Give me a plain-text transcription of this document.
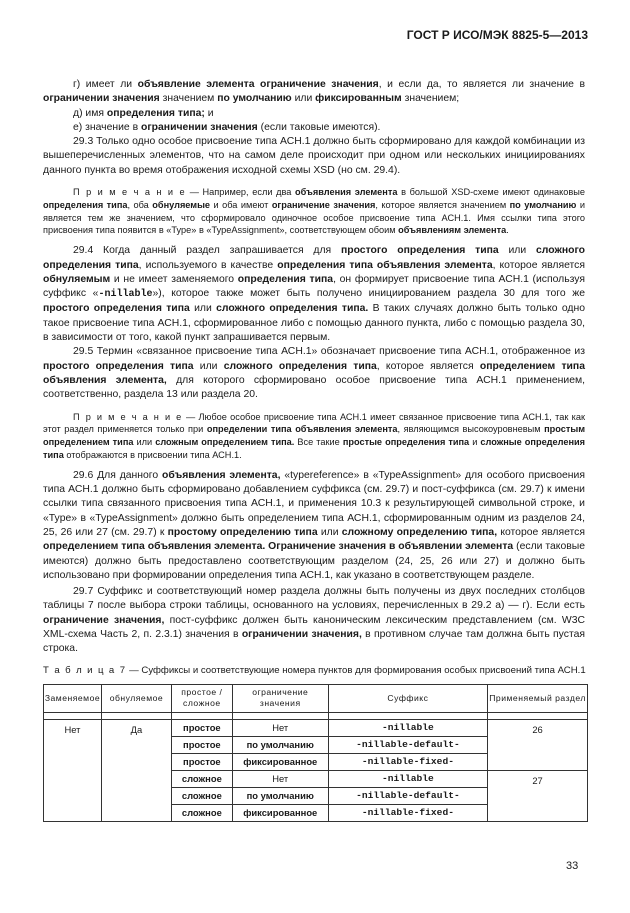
ГОСТ Р ИСО/МЭК 8825-5—2013

г) имеет ли объявление элемента ограничение значения, и если да, то является ли значение в ограничении значения значением по умолчанию или фиксированным значением;

д) имя определения типа; и

е) значение в ограничении значения (если таковые имеются).

29.3 Только одно особое присвоение типа АСН.1 должно быть сформировано для каждой комбинации из вышеперечисленных элементов, что на самом деле происходит при одном или нескольких инициированиях данного пункта во время отображения исходной схемы XSD (но см. 29.4).

П р и м е ч а н и е — Например, если два объявления элемента в большой XSD-схеме имеют одинаковые определения типа, оба обнуляемые и оба имеют ограничение значения, которое является значением по умолчанию и является тем же значением, что сформировало одиночное особое присвоение типа АСН.1. Имя ссылки типа этого присвоения типа появится в «Type» в «TypeAssignment», соответствующем обоим объявлениям элемента.

29.4 Когда данный раздел запрашивается для простого определения типа или сложного определения типа, используемого в качестве определения типа объявления элемента, которое является обнуляемым и не имеет заменяемого определения типа, он формирует присвоение типа АСН.1 (используя суффикс «-nillable»), которое также может быть получено инициированием раздела 30 для того же простого определения типа или сложного определения типа. В таких случаях должно быть только одно такое присвоение типа АСН.1, сформированное либо с помощью данного пункта, либо с помощью раздела 30, в зависимости от того, какой пункт запрашивается первым.

29.5 Термин «связанное присвоение типа АСН.1» обозначает присвоение типа АСН.1, отображенное из простого определения типа или сложного определения типа, которое является определением типа объявления элемента, для которого сформировано особое присвоение типа АСН.1 применением, соответственно, раздела 13 или раздела 20.

П р и м е ч а н и е — Любое особое присвоение типа АСН.1 имеет связанное присвоение типа АСН.1, так как этот раздел применяется только при определении типа объявления элемента, являющимся высокоуровневым простым определением типа или сложным определением типа. Все такие простые определения типа и сложные определения типа отображаются в присвоении типа АСН.1.

29.6 Для данного объявления элемента, «typereference» в «TypeAssignment» для особого присвоения типа АСН.1 должно быть сформировано добавлением суффикса (см. 29.7) и пост-суффикса (см. 29.7) к имени ссылки типа связанного присвоения типа АСН.1, и применения 10.3 к результирующей символьной строке, и «Type» в «TypeAssignment» должно быть определением типа АСН.1, сформированным одним из разделов 24, 25, 26 или 27 (см. 29.7) к простому определению типа или сложному определению типа, которое является определением типа объявления элемента. Ограничение значения в объявлении элемента (если таковые имеются) должно быть предоставлено соответствующим разделом (24, 25, 26 или 27) и должно быть использовано при формировании определения типа АСН.1, как указано в соответствующем разделе.

29.7 Суффикс и соответствующий номер раздела должны быть получены из двух последних столбцов таблицы 7 после выбора строки таблицы, основанного на условиях, перечисленных в 29.2 а) — г). Если есть ограничение значения, пост-суффикс должен быть каноническим лексическим представлением (см. W3C XML-схема Часть 2, п. 2.3.1) значения в ограничении значения, в противном случае там должна быть пустая строка.

Т а б л и ц а 7 — Суффиксы и соответствующие номера пунктов для формирования особых присвоений типа АСН.1

Заменяемое	обнуляемое	простое / сложное	ограничение значения	Суффикс	Применяемый раздел

Нет	Да	простое	Нет	-nillable	26
		простое	по умолчанию	-nillable-default-	
		простое	фиксированное	-nillable-fixed-	
		сложное	Нет	-nillable	27
		сложное	по умолчанию	-nillable-default-	
		сложное	фиксированное	-nillable-fixed-	
33
